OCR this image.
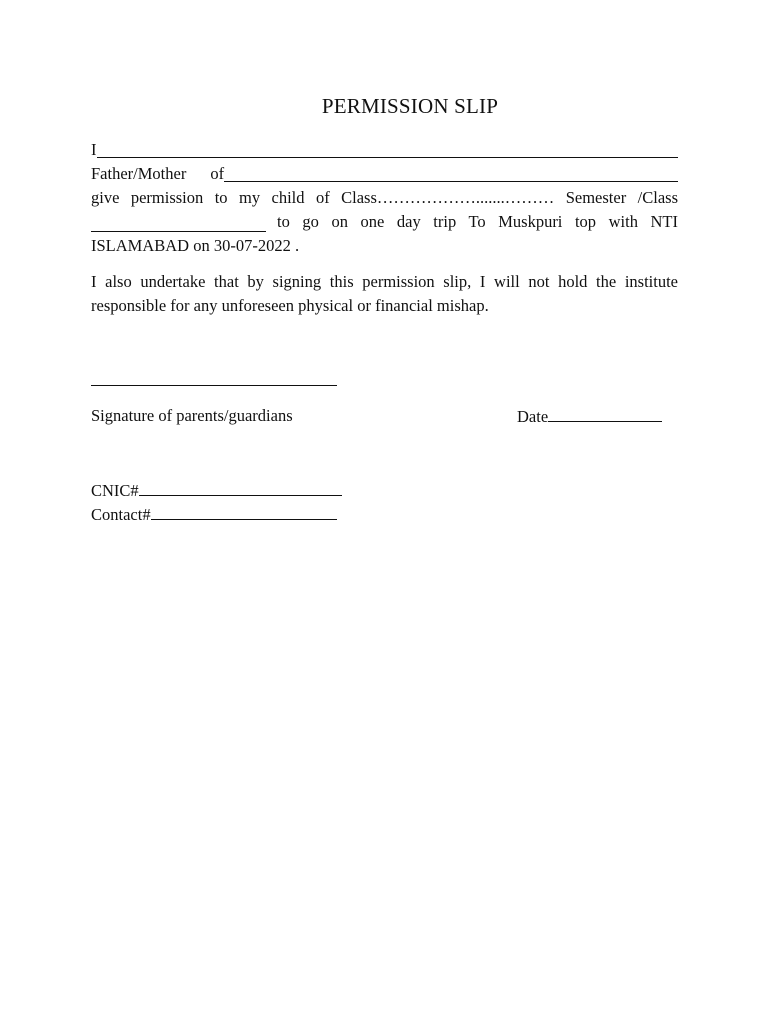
PERMISSION SLIP
I
Father/Mother of
give permission to my child of Class……………….......……… Semester /Class
to go on one day trip To Muskpuri top with NTI
ISLAMABAD on 30-07-2022 .
I also undertake that by signing this permission slip, I will not hold the institute
responsible for any unforeseen physical or financial mishap.
Signature of parents/guardians	Date
CNIC#
Contact#
